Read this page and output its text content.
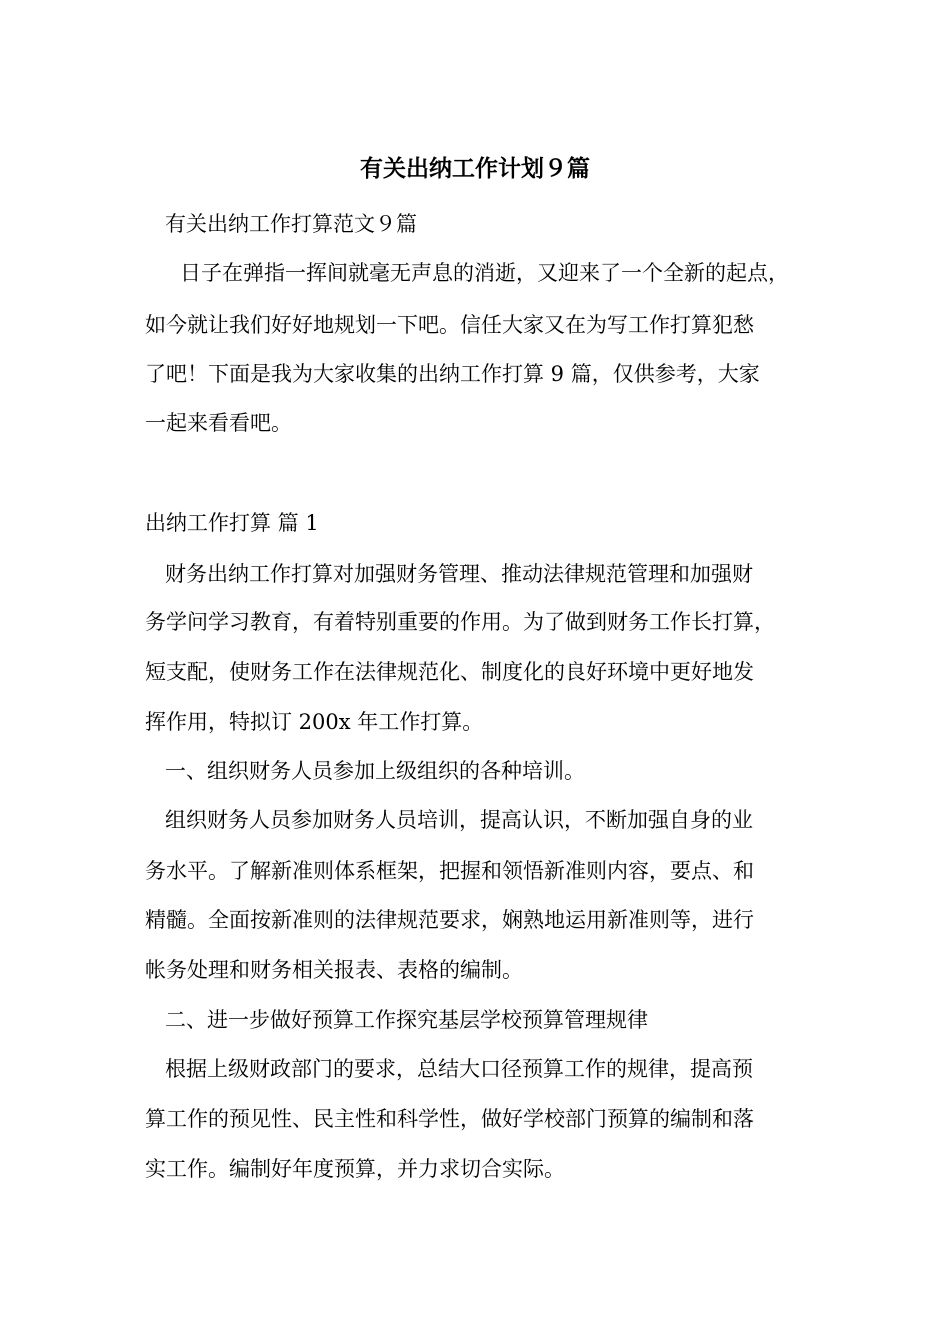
有关出纳工作计划９篇
有关出纳工作打算范文９篇
日子在弹指一挥间就毫无声息的消逝，又迎来了一个全新的起点，
如今就让我们好好地规划一下吧。信任大家又在为写工作打算犯愁
了吧！下面是我为大家收集的出纳工作打算 9 篇，仅供参考，大家
一起来看看吧。
出纳工作打算 篇 1
财务出纳工作打算对加强财务管理、推动法律规范管理和加强财
务学问学习教育，有着特别重要的作用。为了做到财务工作长打算，
短支配，使财务工作在法律规范化、制度化的良好环境中更好地发
挥作用，特拟订 200x 年工作打算。
一、组织财务人员参加上级组织的各种培训。
组织财务人员参加财务人员培训，提高认识，不断加强自身的业
务水平。了解新准则体系框架，把握和领悟新准则内容，要点、和
精髓。全面按新准则的法律规范要求，娴熟地运用新准则等，进行
帐务处理和财务相关报表、表格的编制。
二、进一步做好预算工作探究基层学校预算管理规律
根据上级财政部门的要求，总结大口径预算工作的规律，提高预
算工作的预见性、民主性和科学性，做好学校部门预算的编制和落
实工作。编制好年度预算，并力求切合实际。
